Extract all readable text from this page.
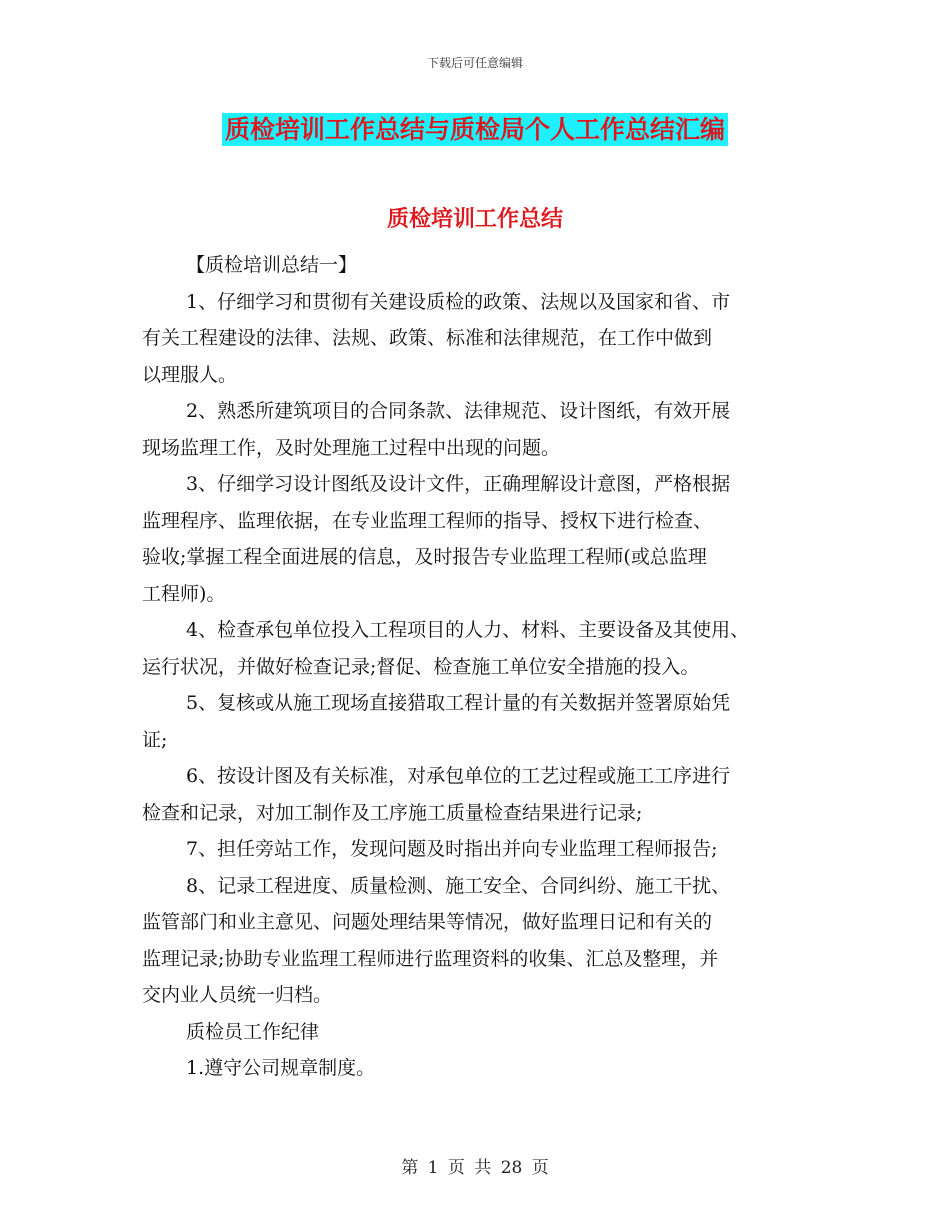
下载后可任意编辑
质检培训工作总结与质检局个人工作总结汇编
质检培训工作总结
【质检培训总结一】
1、仔细学习和贯彻有关建设质检的政策、法规以及国家和省、市
有关工程建设的法律、法规、政策、标准和法律规范，在工作中做到
以理服人。
2、熟悉所建筑项目的合同条款、法律规范、设计图纸，有效开展
现场监理工作，及时处理施工过程中出现的问题。
3、仔细学习设计图纸及设计文件，正确理解设计意图，严格根据
监理程序、监理依据，在专业监理工程师的指导、授权下进行检查、
验收;掌握工程全面进展的信息，及时报告专业监理工程师(或总监理
工程师)。
4、检查承包单位投入工程项目的人力、材料、主要设备及其使用、
运行状况，并做好检查记录;督促、检查施工单位安全措施的投入。
5、复核或从施工现场直接猎取工程计量的有关数据并签署原始凭
证;
6、按设计图及有关标准，对承包单位的工艺过程或施工工序进行
检查和记录，对加工制作及工序施工质量检查结果进行记录;
7、担任旁站工作，发现问题及时指出并向专业监理工程师报告;
8、记录工程进度、质量检测、施工安全、合同纠纷、施工干扰、
监管部门和业主意见、问题处理结果等情况，做好监理日记和有关的
监理记录;协助专业监理工程师进行监理资料的收集、汇总及整理，并
交内业人员统一归档。
质检员工作纪律
1.遵守公司规章制度。
第 1 页 共 28 页
